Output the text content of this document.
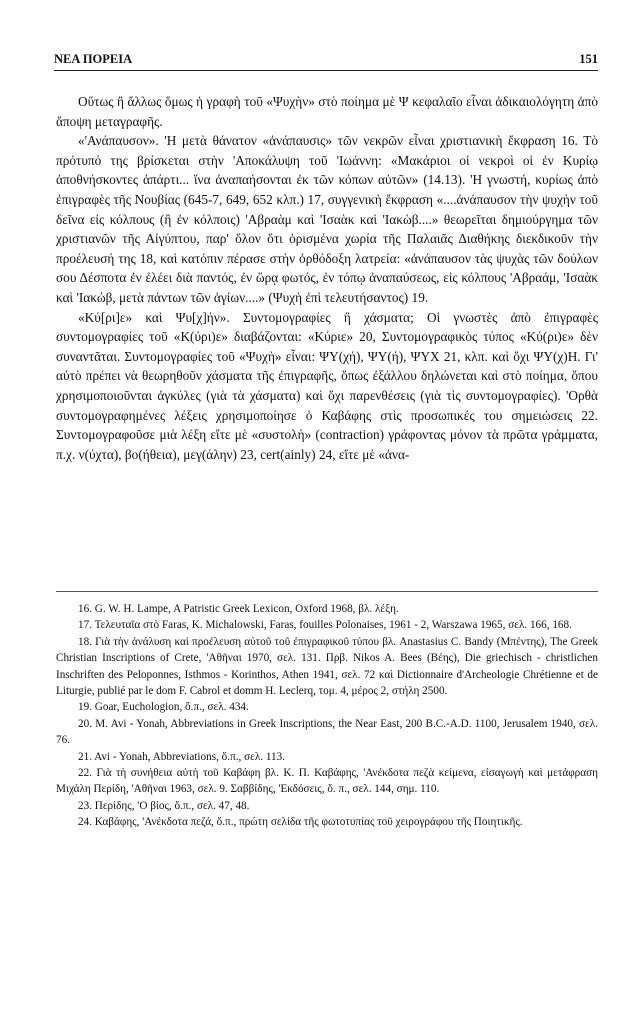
ΝΕΑ ΠΟΡΕΙΑ	151

Οὕτως ἢ ἄλλως ὅμως ἡ γραφὴ τοῦ «Ψυχὴν» στὸ ποίημα μὲ Ψ κεφαλαῖο εἶναι ἀδικαιολόγητη ἀπὸ ἄποψη μεταγραφῆς.

«'Ανάπαυσον». 'Η μετὰ θάνατον «ἀνάπαυσις» τῶν νεκρῶν εἶναι χριστιανικὴ ἔκφραση 16. Τὸ πρότυπό της βρίσκεται στὴν 'Αποκάλυψη τοῦ 'Ιωάννη: «Μακάριοι οἱ νεκροὶ οἱ ἐν Κυρίῳ ἀποθνήσκοντες ἀπάρτι... ἵνα ἀναπαήσονται ἐκ τῶν κόπων αὐτῶν» (14.13). 'Η γνωστή, κυρίως ἀπὸ ἐπιγραφὲς τῆς Νουβίας (645-7, 649, 652 κλπ.) 17, συγγενικὴ ἔκφραση «....ἀνάπαυσον τὴν ψυχὴν τοῦ δεῖνα εἰς κόλπους (ἢ ἐν κόλποις) 'Αβραὰμ καὶ 'Ισαὰκ καὶ 'Ιακὼβ....» θεωρεῖται δημιούργημα τῶν χριστιανῶν τῆς Αἰγύπτου, παρ' ὅλον ὅτι ὁρισμένα χωρία τῆς Παλαιᾶς Διαθήκης διεκδικοῦν τὴν προέλευσή της 18, καὶ κατόπιν πέρασε στὴν ὀρθόδοξη λατρεία: «ἀνάπαυσον τὰς ψυχὰς τῶν δούλων σου Δέσποτα ἐν ἐλέει διὰ παντός, ἐν ὥρᾳ φωτός, ἐν τόπῳ ἀναπαύσεως, εἰς κόλπους 'Αβραάμ, 'Ισαὰκ καὶ 'Ιακώβ, μετὰ πάντων τῶν ἁγίων....» (Ψυχὴ ἐπὶ τελευτήσαντος) 19.

«Κύ[ρι]ε» καὶ Ψυ[χ]ήν». Συντομογραφίες ἢ χάσματα; Οἱ γνωστὲς ἀπὸ ἐπιγραφὲς συντομογραφίες τοῦ «Κ(ύρι)ε» διαβάζονται: «Κύριε» 20, Συντομογραφικὸς τύπος «Κύ(ρι)ε» δὲν συναντᾶται. Συντομογραφίες τοῦ «Ψυχὴ» εἶναι: ΨΥ(χή), ΨΥ(ή), ΨΥΧ 21, κλπ. καὶ ὄχι ΨΥ(χ)Η. Γι' αὐτὸ πρέπει νὰ θεωρηθοῦν χάσματα τῆς ἐπιγραφῆς, ὅπως ἐξάλλου δηλώνεται καὶ στὸ ποίημα, ὅπου χρησιμοποιοῦνται ἀγκύλες (γιὰ τὰ χάσματα) καὶ ὄχι παρενθέσεις (γιὰ τὶς συντομογραφίες). 'Ορθὰ συντομογραφημένες λέξεις χρησιμοποίησε ὁ Καβάφης στὶς προσωπικές του σημειώσεις 22. Συντομογραφοῦσε μιὰ λέξη εἴτε μὲ «συστολὴ» (contraction) γράφοντας μόνον τὰ πρῶτα γράμματα, π.χ. ν(ύχτα), βο(ήθεια), μεγ(άλην) 23, cert(ainly) 24, εἴτε μὲ «ἀνα-

16. G. W. H. Lampe, A Patristic Greek Lexicon, Oxford 1968, βλ. λέξη.

17. Τελευταῖα στὸ Faras, K. Michalowski, Faras, fouilles Polonaises, 1961 - 2, Warszawa 1965, σελ. 166, 168.

18. Γιὰ τὴν ἀνάλυση καὶ προέλευση αὐτοῦ τοῦ ἐπιγραφικοῦ τύπου βλ. Anastasius C. Bandy (Μπέντης), The Greek Christian Inscriptions of Crete, 'Αθῆναι 1970, σελ. 131. Πρβ. Nikos A. Bees (Βέης), Die griechisch - christlichen Inschriften des Peloponnes, Isthmos - Korinthos, Athen 1941, σελ. 72 καὶ Dictionnaire d'Archeologie Chrétienne et de Liturgie, publié par le dom F. Cabrol et domm H. Leclerq, τομ. 4, μέρος 2, στήλη 2500.

19. Goar, Euchologion, ὅ.π., σελ. 434.

20. M. Avi - Yonah, Abbreviations in Greek Inscriptions, the Near East, 200 B.C.-A.D. 1100, Jerusalem 1940, σελ. 76.

21. Avi - Yonah, Abbreviations, ὅ.π., σελ. 113.

22. Γιὰ τὴ συνήθεια αὐτὴ τοῦ Καβάφη βλ. Κ. Π. Καβάφης, 'Ανέκδοτα πεζὰ κείμενα, εἰσαγωγὴ καὶ μετάφραση Μιχάλη Περίδη, 'Αθῆναι 1963, σελ. 9. Σαββίδης, 'Εκδόσεις, ὅ. π., σελ. 144, σημ. 110.

23. Περίδης, 'Ο βίος, ὅ.π., σελ. 47, 48.

24. Καβάφης, 'Ανέκδοτα πεζά, ὅ.π., πρώτη σελίδα τῆς φωτοτυπίας τοῦ χειρογράφου τῆς Ποιητικῆς.
